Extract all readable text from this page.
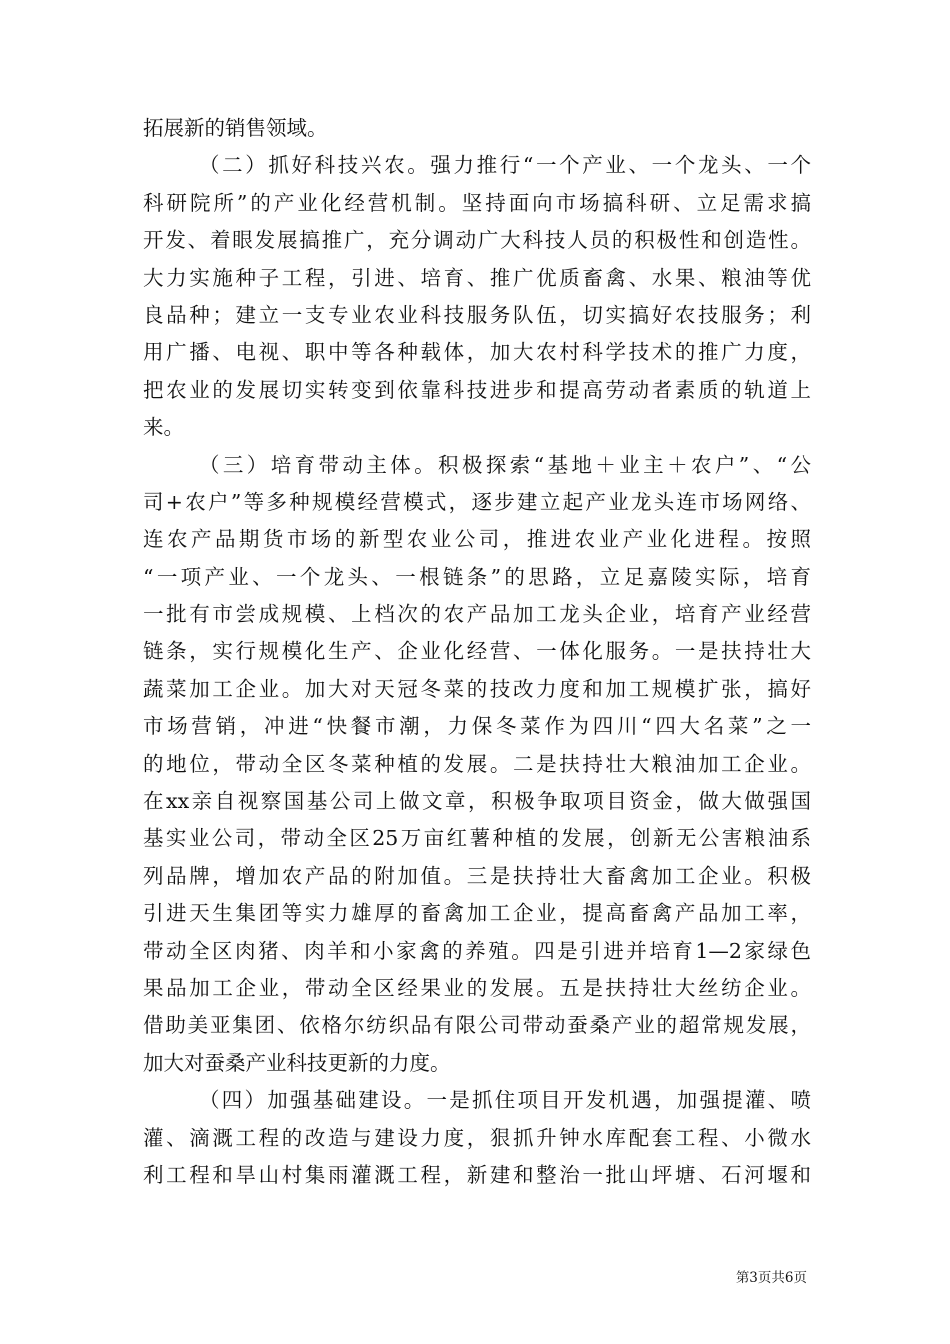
拓展新的销售领域。
（二）抓好科技兴农。强力推行“一个产业、一个龙头、一个
科研院所”的产业化经营机制。坚持面向市场搞科研、立足需求搞
开发、着眼发展搞推广，充分调动广大科技人员的积极性和创造性。
大力实施种子工程，引进、培育、推广优质畜禽、水果、粮油等优
良品种；建立一支专业农业科技服务队伍，切实搞好农技服务；利
用广播、电视、职中等各种载体，加大农村科学技术的推广力度，
把农业的发展切实转变到依靠科技进步和提高劳动者素质的轨道上
来。
（三）培育带动主体。积极探索“基地＋业主＋农户”、“公
司+农户”等多种规模经营模式，逐步建立起产业龙头连市场网络、
连农产品期货市场的新型农业公司，推进农业产业化进程。按照
“一项产业、一个龙头、一根链条”的思路，立足嘉陵实际，培育
一批有市尝成规模、上档次的农产品加工龙头企业，培育产业经营
链条，实行规模化生产、企业化经营、一体化服务。一是扶持壮大
蔬菜加工企业。加大对天冠冬菜的技改力度和加工规模扩张，搞好
市场营销，冲进“快餐市潮，力保冬菜作为四川“四大名菜”之一
的地位，带动全区冬菜种植的发展。二是扶持壮大粮油加工企业。
在xx亲自视察国基公司上做文章，积极争取项目资金，做大做强国
基实业公司，带动全区25万亩红薯种植的发展，创新无公害粮油系
列品牌，增加农产品的附加值。三是扶持壮大畜禽加工企业。积极
引进天生集团等实力雄厚的畜禽加工企业，提高畜禽产品加工率，
带动全区肉猪、肉羊和小家禽的养殖。四是引进并培育1—2家绿色
果品加工企业，带动全区经果业的发展。五是扶持壮大丝纺企业。
借助美亚集团、依格尔纺织品有限公司带动蚕桑产业的超常规发展，
加大对蚕桑产业科技更新的力度。
（四）加强基础建设。一是抓住项目开发机遇，加强提灌、喷
灌、滴溉工程的改造与建设力度，狠抓升钟水库配套工程、小微水
利工程和旱山村集雨灌溉工程，新建和整治一批山坪塘、石河堰和
第3页共6页
